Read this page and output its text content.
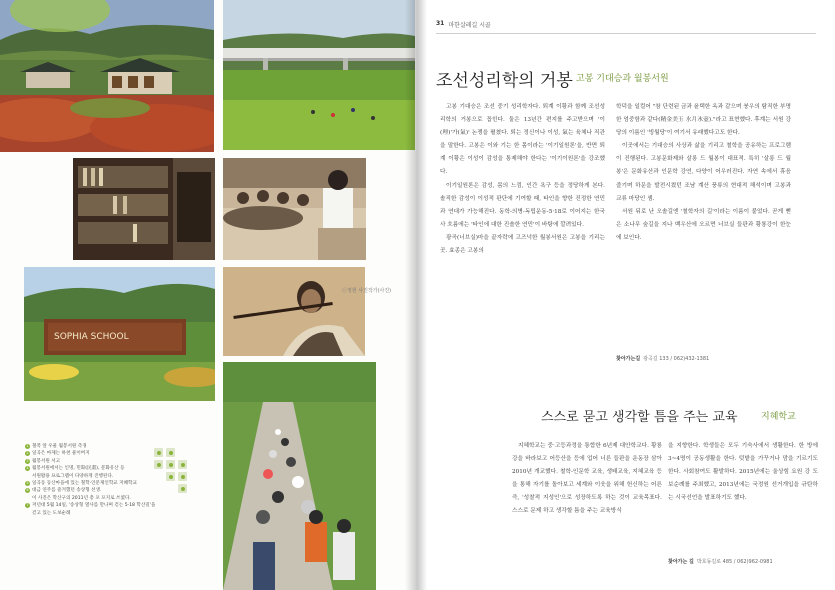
SOPHIA SCHOOL
ⓒ정현 사진작가(사진)
1 철폭 앞 우물 월봉서원 측경
2 일곡은 마제는 하천 물이버지
3 월봉서원 서고
4 월봉서원에서는 인명, 민화(民畫), 문화유산 등
서원활용 프로그램이 다양하게 진행된다.
5 일곡동 등산마을에 있는 철학·인문제인학교 지혜학교
6 대금 연주를 즐겨했던 송상형 선생.
이 사진은 학산구의 2011년 총 포 포지로 쓰였다.
7 저년대 5월 14일, '송상형 열사를 만나며 걷는 5·18 학산길'을
걷고 있는 도보순례
31 마한살레길 시골
조선성리학의 거봉 고봉 기대승과 월봉서원

고봉 기대승은 조선 중기 성리학자다. 퇴계 이황과 함께 조선성리학의 거봉으로 꼽힌다. 둘은 13년간 편지를 주고받으며 '이(理)'가(氣)' 논쟁을 펼쳤다. 퇴는 정신이나 이성, 氣는 육체나 직관을 말한다. 고봉은 이와 기는 한 몸이라는 '이기일원론'을, 반면 퇴계 이황은 이성이 감성을 통제해야 한다는 '이기이원론'을 강조했다.

이기일원론은 감성, 몸의 느낌, 인간 욕구 등을 정당하게 본다. 솔직한 감성이 이성적 판단에 기여할 때, 타인을 향한 진정한 연민과 연대가 가능해진다. 동학-의병-독립운동-5·18로 이어지는 한국사 흐름에는 '타인에 대한 진솔한 연민'이 바탕에 깔려있다.

광곡(너브실)마을 끝자락에 고즈넉한 월봉서원은 고봉을 기리는 곳. 효종은 고봉의

학덕을 일컬어 "참 단련된 금과 윤택한 옥과 같으며 붕우의 탐직한 부명한 엄중함과 같다(精金美玉 水月氷壺)."라고 표현했다. 후계는 서원 강당의 이름인 '빙월당'이 여기서 유래했다고도 한다.

이곳에서는 기대승의 사상과 삶을 기리고 철학을 공유하는 프로그램이 진행된다. 고봉문화제와 살롱 드 월봉이 대표적. 특히 '살롱 드 월봉'은 문화유산과 인문학 강연, 다양이 어우러진다. 자연 속에서 휴음 즐기며 하문을 발전시켰던 조남 계산 풍류의 현대적 해석이며 고봉과 교류 마당인 셈.

서원 뒤로 난 오솔길엔 '철학자의 길'이라는 이름이 붙었다. 곧게 뻗은 소나무 숲길을 지나 백우산에 오르면 너브실 들판과 황룡강이 한눈에 보인다.

찾아가는길 광곡길 133 / 062)432-1381
스스로 묻고 생각할 틈을 주는 교육	지혜학교

지혜학교는 중·고등과정을 통합한 6년제 대안학교다. 황룡강을 바라보고 어등산을 등에 업어 너른 들판을 운동장 삼아 2010년 개교했다. 철학-인문학 교육, 생태교육, 지혜교육 등을 통해 자기를 돌아보고 세계와 이웃을 위해 헌신하는 어른 즉, '성찰적 지성인'으로 성장하도록 하는 것이 교육목표다. 스스로 문제 하고 생각할 틈을 주는 교육방식

을 지향한다. 학생들은 모두 기숙사에서 생활한다. 한 방에 3~4명이 공동생활을 한다. 텃밭을 가꾸거나 맘을 기르기도 한다. 사회참여도 활발하다. 2015년에는 울상힘 요원 강 도보순례를 주최했고, 2013년에는 국정원 선거개입을 규탄하는 시국선언을 발표하기도 했다.

찾아가는 길 박호동길로 485 / 062)962-0981
